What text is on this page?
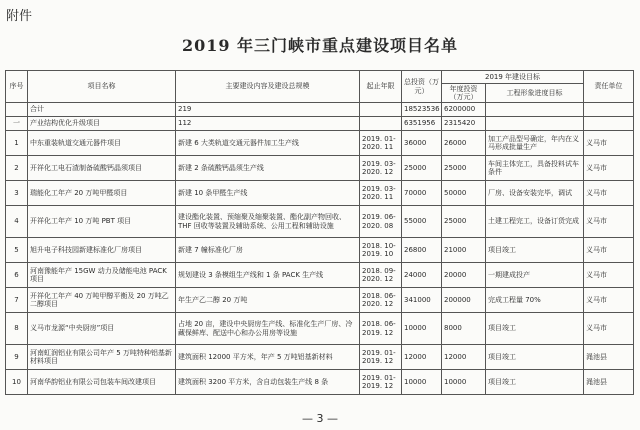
附件
2019 年三门峡市重点建设项目名单
序号	项目名称	主要建设内容及建设总规模	起止年限	总投资（万元）	2019 年建设目标		责任单位
					年度投资（万元）	工程形象进度目标	
	合计	219		18523536	6200000		
一	产业结构优化升级项目	112		6351956	2315420		
1	中东重装轨道交通元器件项目	新建 6 大类轨道交通元器件加工生产线	2019. 01-2020. 11	36000	26000	加工产品型号确定，年内在义马形成批量生产	义马市
2	开祥化工电石渣制备硫酸钙晶须项目	新建 2 条硫酸钙晶须生产线	2019. 03-2020. 12	25000	25000	车间主体完工，具备投料试车条件	义马市
3	瑞能化工年产 20 万吨甲醛项目	新建 10 条甲醛生产线	2019. 03-2020. 11	70000	50000	厂房、设备安装完毕，调试	义马市
4	开祥化工年产 10 万吨 PBT 项目	建设酯化装置、预缩聚及缩聚装置、酯化副产物回收、THF 回收等装置及辅助系统、公用工程和辅助设施	2019. 06-2020. 08	55000	25000	土建工程完工，设备订货完成	义马市
5	旭升电子科技园新建标准化厂房项目	新建 7 幢标准化厂房	2018. 10-2019. 10	26800	21000	项目竣工	义马市
6	河南豫能年产 15GW 动力及储能电池 PACK 项目	规划建设 3 条模组生产线和 1 条 PACK 生产线	2018. 09-2020. 12	24000	20000	一期建成投产	义马市
7	开祥化工年产 40 万吨甲醇平衡及 20 万吨乙二醇项目	年生产乙二醇 20 万吨	2018. 06-2020. 12	341000	200000	完成工程量 70%	义马市
8	义马市龙源“中央厨房”项目	占地 20 亩，建设中央厨房生产线、标准化生产厂房、冷藏保鲜库、配送中心和办公用房等设施	2018. 06-2019. 12	10000	8000	项目竣工	义马市
9	河南虹润铝业有限公司年产 5 万吨特种铝基新材料项目	建筑面积 12000 平方米，年产 5 万吨铝基新材料	2019. 01-2019. 12	12000	12000	项目竣工	渑池县
10	河南华韵铝业有限公司包装车间改建项目	建筑面积 3200 平方米，含自动包装生产线 8 条	2019. 01-2019. 12	10000	10000	项目竣工	渑池县
— 3 —
